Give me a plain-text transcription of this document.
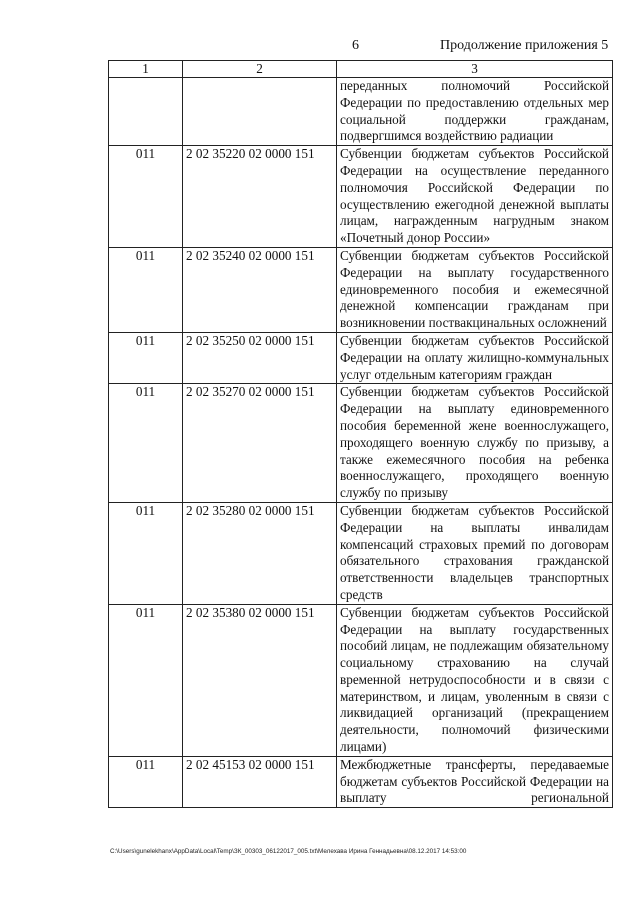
6	Продолжение приложения 5
1	2	3
		переданных полномочий Российской Федерации по предоставлению отдельных мер социальной поддержки гражданам, подвергшимся воздействию радиации
011	2 02 35220 02 0000 151	Субвенции бюджетам субъектов Российской Федерации на осуществление переданного полномочия Российской Федерации по осуществлению ежегодной денежной выплаты лицам, награжденным нагрудным знаком «Почетный донор России»
011	2 02 35240 02 0000 151	Субвенции бюджетам субъектов Российской Федерации на выплату государственного единовременного пособия и ежемесячной денежной компенсации гражданам при возникновении поствакцинальных осложнений
011	2 02 35250 02 0000 151	Субвенции бюджетам субъектов Российской Федерации на оплату жилищно-коммунальных услуг отдельным категориям граждан
011	2 02 35270 02 0000 151	Субвенции бюджетам субъектов Российской Федерации на выплату единовременного пособия беременной жене военнослужащего, проходящего военную службу по призыву, а также ежемесячного пособия на ребенка военнослужащего, проходящего военную службу по призыву
011	2 02 35280 02 0000 151	Субвенции бюджетам субъектов Российской Федерации на выплаты инвалидам компенсаций страховых премий по договорам обязательного страхования гражданской ответственности владельцев транспортных средств
011	2 02 35380 02 0000 151	Субвенции бюджетам субъектов Российской Федерации на выплату государственных пособий лицам, не подлежащим обязательному социальному страхованию на случай временной нетрудоспособности и в связи с материнством, и лицам, уволенным в связи с ликвидацией организаций (прекращением деятельности, полномочий физическими лицами)
011	2 02 45153 02 0000 151	Межбюджетные трансферты, передаваемые бюджетам субъектов Российской Федерации на выплату региональной
C:\Users\gunelekhanx\AppData\Local\Temp\ЗК_00303_06122017_005.txt\Мелехава Ирина Геннадьевна\08.12.2017 14:53:00
